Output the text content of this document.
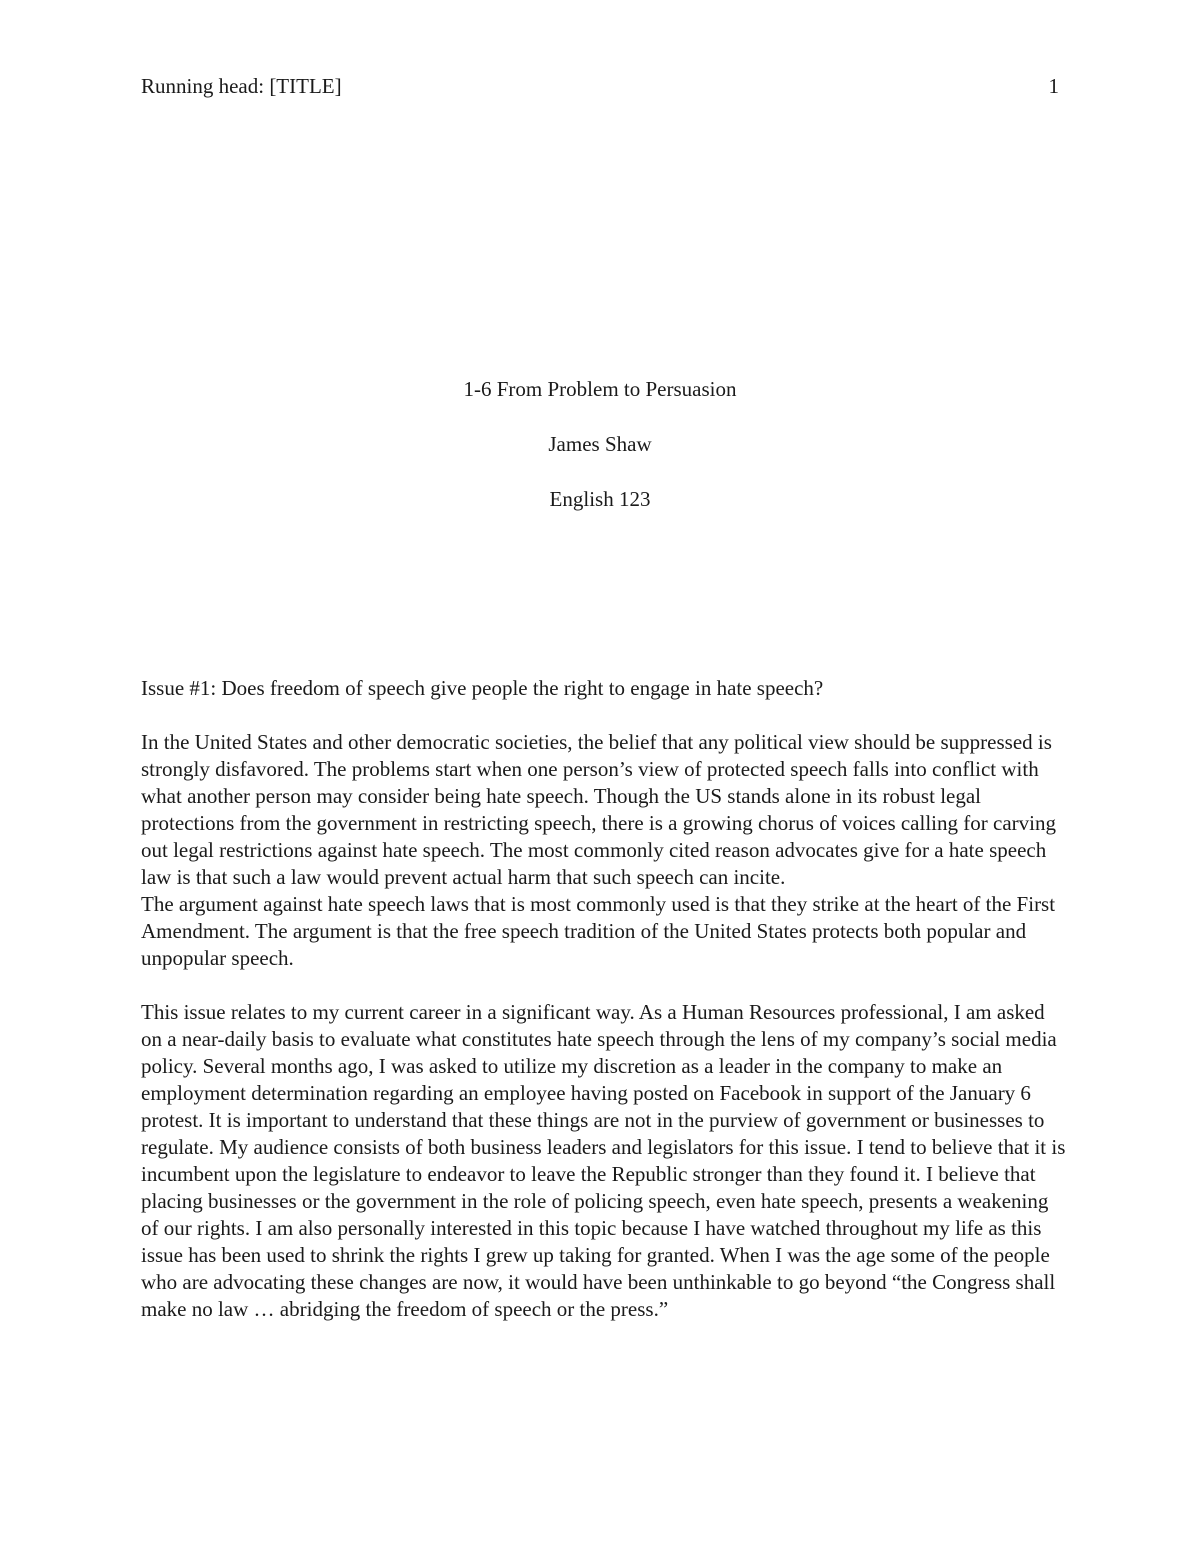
Running head: [TITLE]	1
1-6 From Problem to Persuasion
James Shaw
English 123

Issue #1: Does freedom of speech give people the right to engage in hate speech?

In the United States and other democratic societies, the belief that any political view should be suppressed is strongly disfavored. The problems start when one person’s view of protected speech falls into conflict with what another person may consider being hate speech. Though the US stands alone in its robust legal protections from the government in restricting speech, there is a growing chorus of voices calling for carving out legal restrictions against hate speech. The most commonly cited reason advocates give for a hate speech law is that such a law would prevent actual harm that such speech can incite.

The argument against hate speech laws that is most commonly used is that they strike at the heart of the First Amendment. The argument is that the free speech tradition of the United States protects both popular and unpopular speech.

This issue relates to my current career in a significant way. As a Human Resources professional, I am asked on a near-daily basis to evaluate what constitutes hate speech through the lens of my company’s social media policy. Several months ago, I was asked to utilize my discretion as a leader in the company to make an employment determination regarding an employee having posted on Facebook in support of the January 6 protest. It is important to understand that these things are not in the purview of government or businesses to regulate. My audience consists of both business leaders and legislators for this issue. I tend to believe that it is incumbent upon the legislature to endeavor to leave the Republic stronger than they found it. I believe that placing businesses or the government in the role of policing speech, even hate speech, presents a weakening of our rights. I am also personally interested in this topic because I have watched throughout my life as this issue has been used to shrink the rights I grew up taking for granted. When I was the age some of the people who are advocating these changes are now, it would have been unthinkable to go beyond “the Congress shall make no law … abridging the freedom of speech or the press.”
